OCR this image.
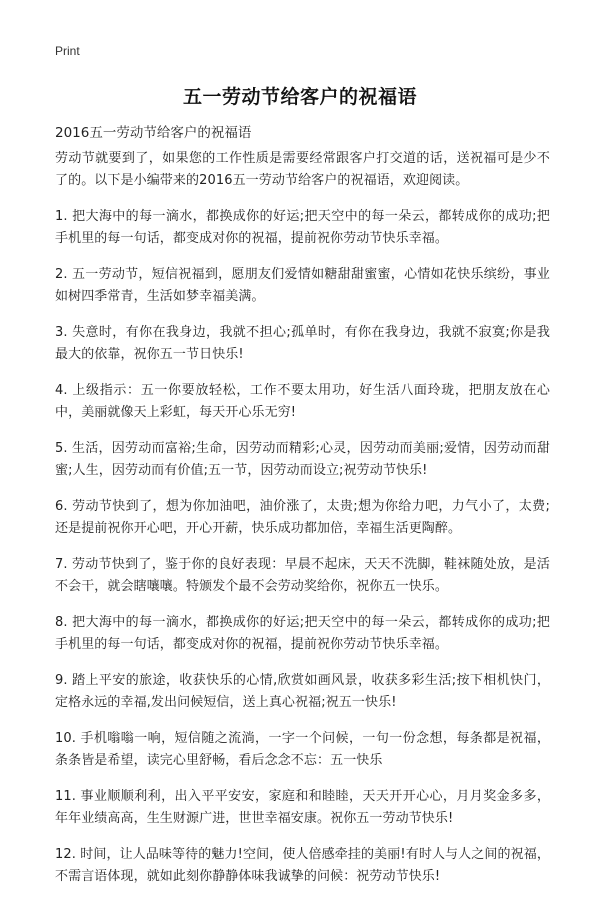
Print
五一劳动节给客户的祝福语
2016五一劳动节给客户的祝福语

劳动节就要到了，如果您的工作性质是需要经常跟客户打交道的话，送祝福可是少不了的。以下是小编带来的2016五一劳动节给客户的祝福语，欢迎阅读。

1. 把大海中的每一滴水，都换成你的好运;把天空中的每一朵云，都转成你的成功;把手机里的每一句话，都变成对你的祝福，提前祝你劳动节快乐幸福。

2. 五一劳动节，短信祝福到，愿朋友们爱情如糖甜甜蜜蜜，心情如花快乐缤纷，事业如树四季常青，生活如梦幸福美满。

3. 失意时，有你在我身边，我就不担心;孤单时，有你在我身边，我就不寂寞;你是我最大的依靠，祝你五一节日快乐!

4. 上级指示：五一你要放轻松，工作不要太用功，好生活八面玲珑，把朋友放在心中，美丽就像天上彩虹，每天开心乐无穷!

5. 生活，因劳动而富裕;生命，因劳动而精彩;心灵，因劳动而美丽;爱情，因劳动而甜蜜;人生，因劳动而有价值;五一节，因劳动而设立;祝劳动节快乐!

6. 劳动节快到了，想为你加油吧，油价涨了，太贵;想为你给力吧，力气小了，太费;还是提前祝你开心吧，开心开薪，快乐成功都加倍，幸福生活更陶醉。

7. 劳动节快到了，鉴于你的良好表现：早晨不起床，天天不洗脚，鞋袜随处放，是活不会干，就会瞎嚷嚷。特颁发个最不会劳动奖给你，祝你五一快乐。

8. 把大海中的每一滴水，都换成你的好运;把天空中的每一朵云，都转成你的成功;把手机里的每一句话，都变成对你的祝福，提前祝你劳动节快乐幸福。

9. 踏上平安的旅途，收获快乐的心情,欣赏如画风景，收获多彩生活;按下相机快门，定格永远的幸福,发出问候短信，送上真心祝福;祝五一快乐!

10. 手机嗡嗡一响，短信随之流淌，一字一个问候，一句一份念想，每条都是祝福，条条皆是希望，读完心里舒畅，看后念念不忘：五一快乐

11. 事业顺顺利利，出入平平安安，家庭和和睦睦，天天开开心心，月月奖金多多，年年业绩高高，生生财源广进，世世幸福安康。祝你五一劳动节快乐!

12. 时间，让人品味等待的魅力!空间，使人倍感牵挂的美丽!有时人与人之间的祝福，不需言语体现，就如此刻你静静体味我诚挚的问候：祝劳动节快乐!
